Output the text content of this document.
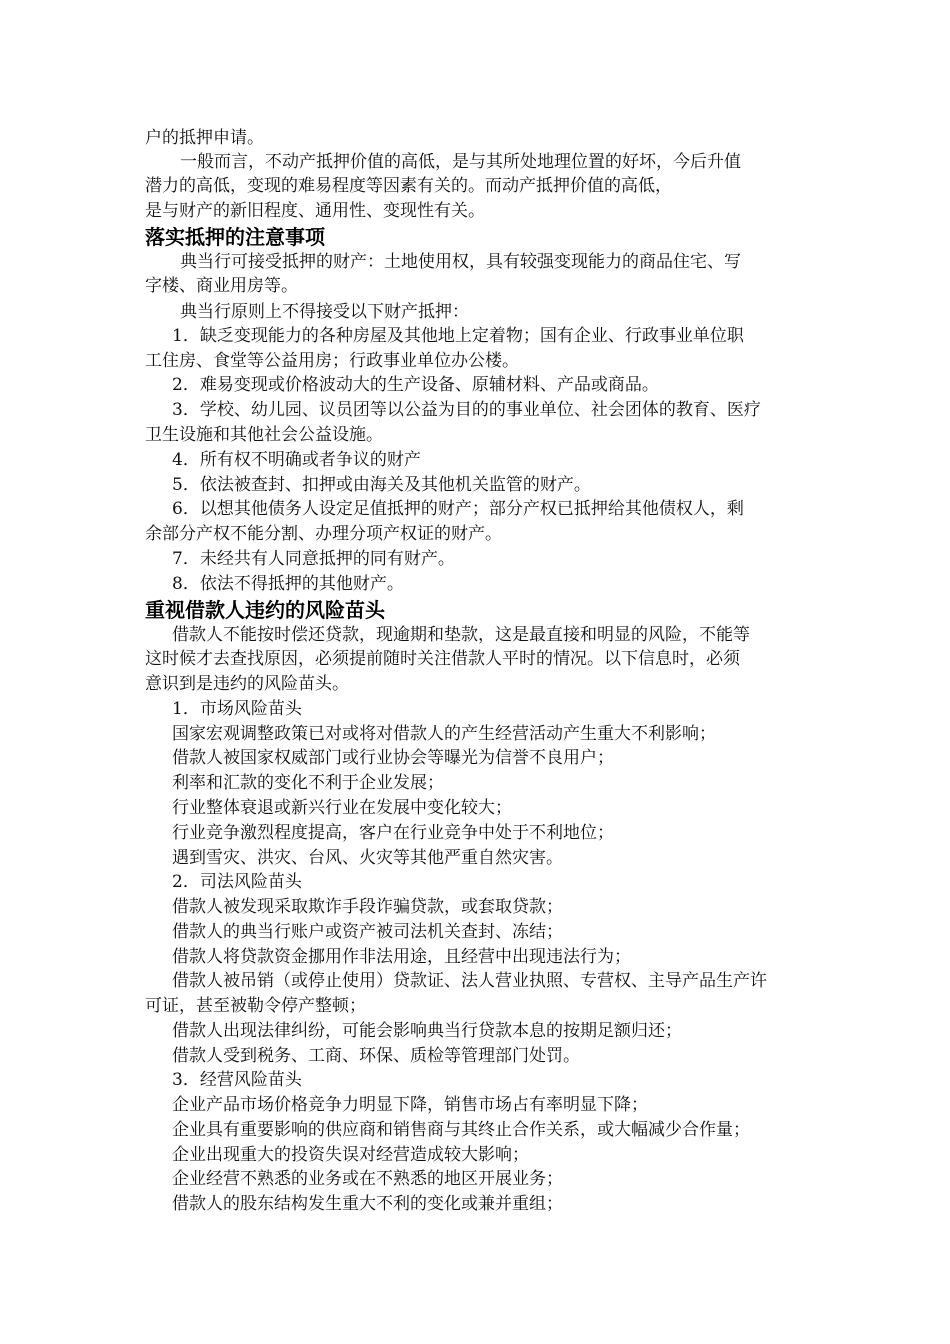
户的抵押申请。
一般而言，不动产抵押价值的高低，是与其所处地理位置的好坏，今后升值
潜力的高低，变现的难易程度等因素有关的。而动产抵押价值的高低，
是与财产的新旧程度、通用性、变现性有关。
落实抵押的注意事项
典当行可接受抵押的财产：土地使用权，具有较强变现能力的商品住宅、写
字楼、商业用房等。
典当行原则上不得接受以下财产抵押：
1．缺乏变现能力的各种房屋及其他地上定着物；国有企业、行政事业单位职
工住房、食堂等公益用房；行政事业单位办公楼。
2．难易变现或价格波动大的生产设备、原辅材料、产品或商品。
3．学校、幼儿园、议员团等以公益为目的的事业单位、社会团体的教育、医疗
卫生设施和其他社会公益设施。
4．所有权不明确或者争议的财产
5．依法被查封、扣押或由海关及其他机关监管的财产。
6．以想其他债务人设定足值抵押的财产；部分产权已抵押给其他债权人，剩
余部分产权不能分割、办理分项产权证的财产。
7．未经共有人同意抵押的同有财产。
8．依法不得抵押的其他财产。
重视借款人违约的风险苗头
借款人不能按时偿还贷款，现逾期和垫款，这是最直接和明显的风险，不能等
这时候才去查找原因，必须提前随时关注借款人平时的情况。以下信息时，必须
意识到是违约的风险苗头。
1．市场风险苗头
国家宏观调整政策已对或将对借款人的产生经营活动产生重大不利影响；
借款人被国家权威部门或行业协会等曝光为信誉不良用户；
利率和汇款的变化不利于企业发展；
行业整体衰退或新兴行业在发展中变化较大；
行业竞争激烈程度提高，客户在行业竞争中处于不利地位；
遇到雪灾、洪灾、台风、火灾等其他严重自然灾害。
2．司法风险苗头
借款人被发现采取欺诈手段诈骗贷款，或套取贷款；
借款人的典当行账户或资产被司法机关查封、冻结；
借款人将贷款资金挪用作非法用途，且经营中出现违法行为；
借款人被吊销（或停止使用）贷款证、法人营业执照、专营权、主导产品生产许
可证，甚至被勒令停产整顿；
借款人出现法律纠纷，可能会影响典当行贷款本息的按期足额归还；
借款人受到税务、工商、环保、质检等管理部门处罚。
3．经营风险苗头
企业产品市场价格竞争力明显下降，销售市场占有率明显下降；
企业具有重要影响的供应商和销售商与其终止合作关系，或大幅减少合作量；
企业出现重大的投资失误对经营造成较大影响；
企业经营不熟悉的业务或在不熟悉的地区开展业务；
借款人的股东结构发生重大不利的变化或兼并重组；
